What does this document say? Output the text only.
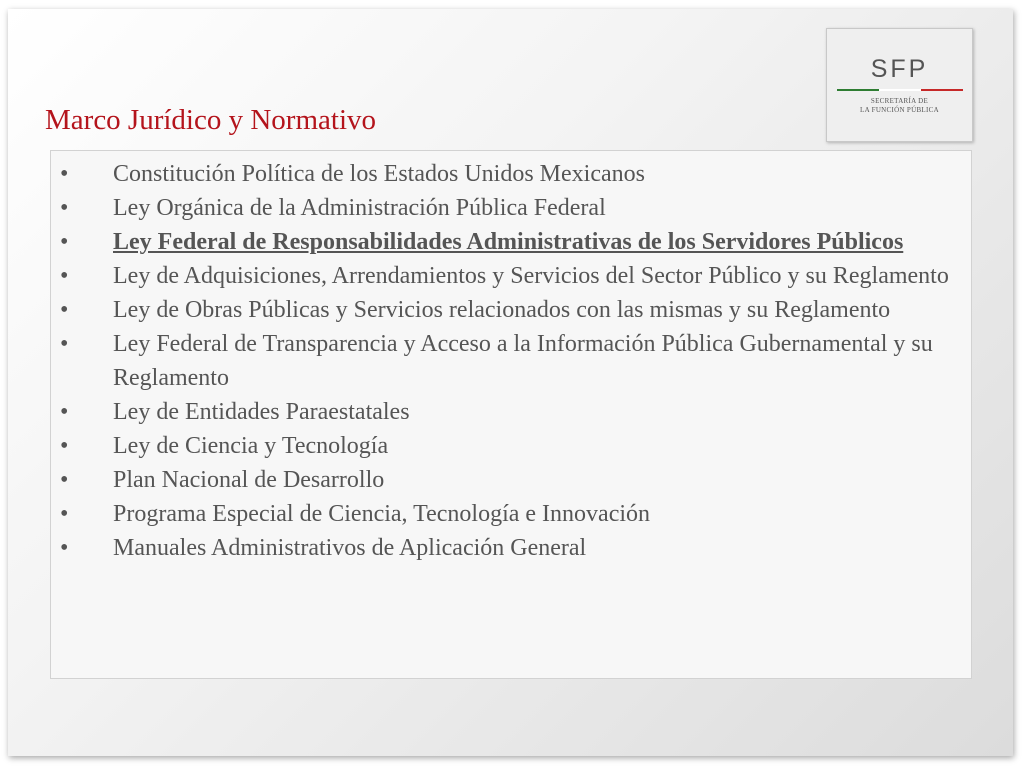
Marco Jurídico y Normativo
SFP
SECRETARÍA DE
LA FUNCIÓN PÚBLICA
•	Constitución Política de los Estados Unidos Mexicanos
•	Ley Orgánica de la Administración Pública Federal
•	Ley Federal de Responsabilidades Administrativas de los Servidores Públicos
•	Ley de Adquisiciones, Arrendamientos y Servicios del Sector Público y su Reglamento
•	Ley de Obras Públicas y Servicios relacionados con las mismas y su Reglamento
•	Ley Federal de Transparencia y Acceso a la Información Pública Gubernamental y su Reglamento
•	Ley de Entidades Paraestatales
•	Ley de Ciencia y Tecnología
•	Plan Nacional de Desarrollo
•	Programa Especial de Ciencia, Tecnología e Innovación
•	Manuales Administrativos de Aplicación General
